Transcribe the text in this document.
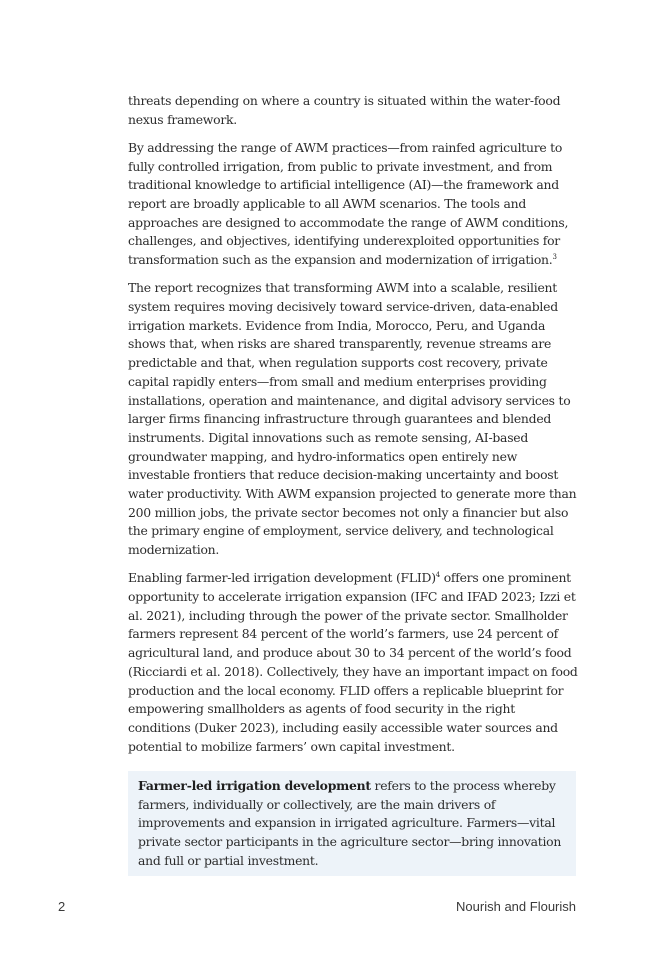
threats depending on where a country is situated within the water-food nexus framework.

By addressing the range of AWM practices—from rainfed agriculture to fully controlled irrigation, from public to private investment, and from traditional knowledge to artificial intelligence (AI)—the framework and report are broadly applicable to all AWM scenarios. The tools and approaches are designed to accommodate the range of AWM conditions, challenges, and objectives, identifying underexploited opportunities for transformation such as the expansion and modernization of irrigation.$^3$

The report recognizes that transforming AWM into a scalable, resilient system requires moving decisively toward service-driven, data-enabled irrigation markets. Evidence from India, Morocco, Peru, and Uganda shows that, when risks are shared transparently, revenue streams are predictable and that, when regulation supports cost recovery, private capital rapidly enters—from small and medium enterprises providing installations, operation and maintenance, and digital advisory services to larger firms financing infrastructure through guarantees and blended instruments. Digital innovations such as remote sensing, AI-based groundwater mapping, and hydro-informatics open entirely new investable frontiers that reduce decision-making uncertainty and boost water productivity. With AWM expansion projected to generate more than 200 million jobs, the private sector becomes not only a financier but also the primary engine of employment, service delivery, and technological modernization.

Enabling farmer-led irrigation development (FLID)$^4$ offers one prominent opportunity to accelerate irrigation expansion (IFC and IFAD 2023; Izzi et al. 2021), including through the power of the private sector. Smallholder farmers represent 84 percent of the world’s farmers, use 24 percent of agricultural land, and produce about 30 to 34 percent of the world’s food (Ricciardi et al. 2018). Collectively, they have an important impact on food production and the local economy. FLID offers a replicable blueprint for empowering smallholders as agents of food security in the right conditions (Duker 2023), including easily accessible water sources and potential to mobilize farmers’ own capital investment.

Farmer-led irrigation development refers to the process whereby farmers, individually or collectively, are the main drivers of improvements and expansion in irrigated agriculture. Farmers—vital private sector participants in the agriculture sector—bring innovation and full or partial investment.
2	Nourish and Flourish
